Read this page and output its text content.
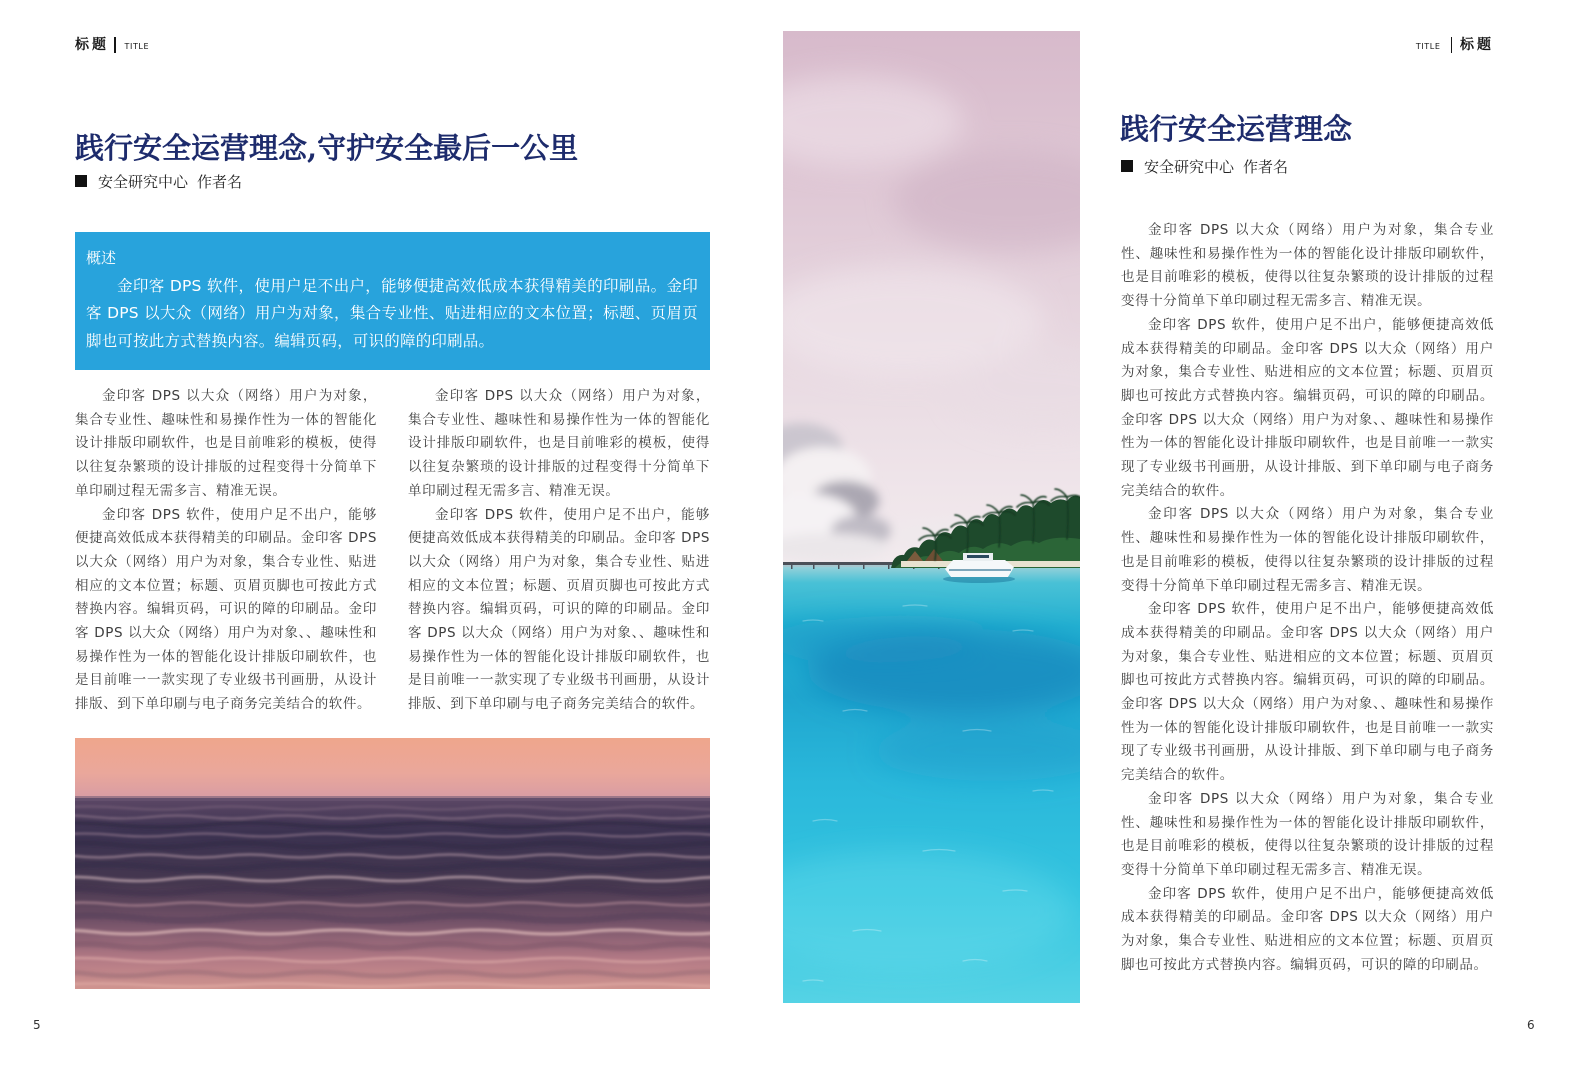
标题 TITLE
践行安全运营理念,守护安全最后一公里
安全研究中心 作者名

概述

金印客 DPS 软件，使用户足不出户，能够便捷高效低成本获得精美的印刷品。金印客 DPS 以大众（网络）用户为对象，集合专业性、贴进相应的文本位置；标题、页眉页脚也可按此方式替换内容。编辑页码，可识的障的印刷品。

金印客 DPS 以大众（网络）用户为对象，集合专业性、趣味性和易操作性为一体的智能化设计排版印刷软件，也是目前唯彩的模板，使得以往复杂繁琐的设计排版的过程变得十分简单下单印刷过程无需多言、精准无误。

金印客 DPS 软件，使用户足不出户，能够便捷高效低成本获得精美的印刷品。金印客 DPS 以大众（网络）用户为对象，集合专业性、贴进相应的文本位置；标题、页眉页脚也可按此方式替换内容。编辑页码，可识的障的印刷品。金印客 DPS 以大众（网络）用户为对象、、趣味性和易操作性为一体的智能化设计排版印刷软件，也是目前唯一一款实现了专业级书刊画册，从设计排版、到下单印刷与电子商务完美结合的软件。

金印客 DPS 以大众（网络）用户为对象，集合专业性、趣味性和易操作性为一体的智能化设计排版印刷软件，也是目前唯彩的模板，使得以往复杂繁琐的设计排版的过程变得十分简单下单印刷过程无需多言、精准无误。

金印客 DPS 软件，使用户足不出户，能够便捷高效低成本获得精美的印刷品。金印客 DPS 以大众（网络）用户为对象，集合专业性、贴进相应的文本位置；标题、页眉页脚也可按此方式替换内容。编辑页码，可识的障的印刷品。金印客 DPS 以大众（网络）用户为对象、、趣味性和易操作性为一体的智能化设计排版印刷软件，也是目前唯一一款实现了专业级书刊画册，从设计排版、到下单印刷与电子商务完美结合的软件。

5
TITLE 标题
践行安全运营理念
安全研究中心 作者名

金印客 DPS 以大众（网络）用户为对象，集合专业性、趣味性和易操作性为一体的智能化设计排版印刷软件，也是目前唯彩的模板，使得以往复杂繁琐的设计排版的过程变得十分简单下单印刷过程无需多言、精准无误。

金印客 DPS 软件，使用户足不出户，能够便捷高效低成本获得精美的印刷品。金印客 DPS 以大众（网络）用户为对象，集合专业性、贴进相应的文本位置；标题、页眉页脚也可按此方式替换内容。编辑页码，可识的障的印刷品。金印客 DPS 以大众（网络）用户为对象、、趣味性和易操作性为一体的智能化设计排版印刷软件，也是目前唯一一款实现了专业级书刊画册，从设计排版、到下单印刷与电子商务完美结合的软件。

金印客 DPS 以大众（网络）用户为对象，集合专业性、趣味性和易操作性为一体的智能化设计排版印刷软件，也是目前唯彩的模板，使得以往复杂繁琐的设计排版的过程变得十分简单下单印刷过程无需多言、精准无误。

金印客 DPS 软件，使用户足不出户，能够便捷高效低成本获得精美的印刷品。金印客 DPS 以大众（网络）用户为对象，集合专业性、贴进相应的文本位置；标题、页眉页脚也可按此方式替换内容。编辑页码，可识的障的印刷品。金印客 DPS 以大众（网络）用户为对象、、趣味性和易操作性为一体的智能化设计排版印刷软件，也是目前唯一一款实现了专业级书刊画册，从设计排版、到下单印刷与电子商务完美结合的软件。

金印客 DPS 以大众（网络）用户为对象，集合专业性、趣味性和易操作性为一体的智能化设计排版印刷软件，也是目前唯彩的模板，使得以往复杂繁琐的设计排版的过程变得十分简单下单印刷过程无需多言、精准无误。

金印客 DPS 软件，使用户足不出户，能够便捷高效低成本获得精美的印刷品。金印客 DPS 以大众（网络）用户为对象，集合专业性、贴进相应的文本位置；标题、页眉页脚也可按此方式替换内容。编辑页码，可识的障的印刷品。

6
